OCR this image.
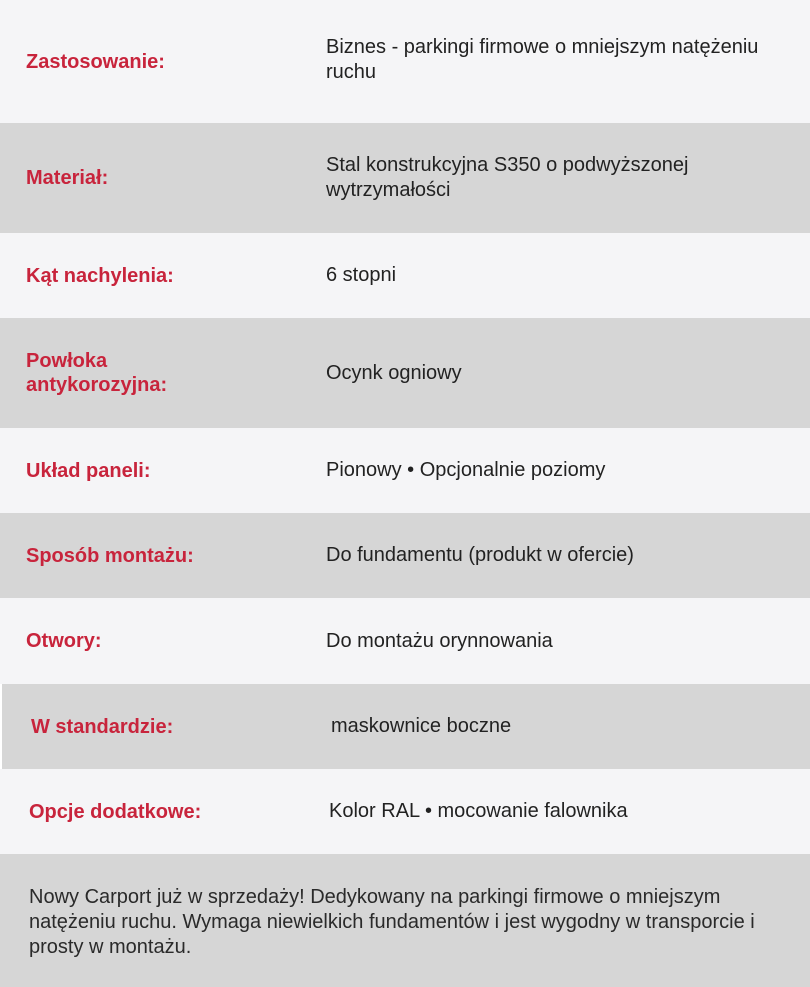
Zastosowanie:
Biznes - parkingi firmowe o mniejszym natężeniu ruchu
Materiał:
Stal konstrukcyjna S350 o podwyższonej wytrzymałości
Kąt nachylenia:	6 stopni
Powłoka antykorozyjna:
Ocynk ogniowy
Układ paneli:	Pionowy • Opcjonalnie poziomy
Sposób montażu:	Do fundamentu (produkt w ofercie)
Otwory:	Do montażu orynnowania
W standardzie:	maskownice boczne
Opcje dodatkowe:	Kolor RAL • mocowanie falownika
Nowy Carport już w sprzedaży! Dedykowany na parkingi firmowe o mniejszym natężeniu ruchu. Wymaga niewielkich fundamentów i jest wygodny w transporcie i prosty w montażu.
